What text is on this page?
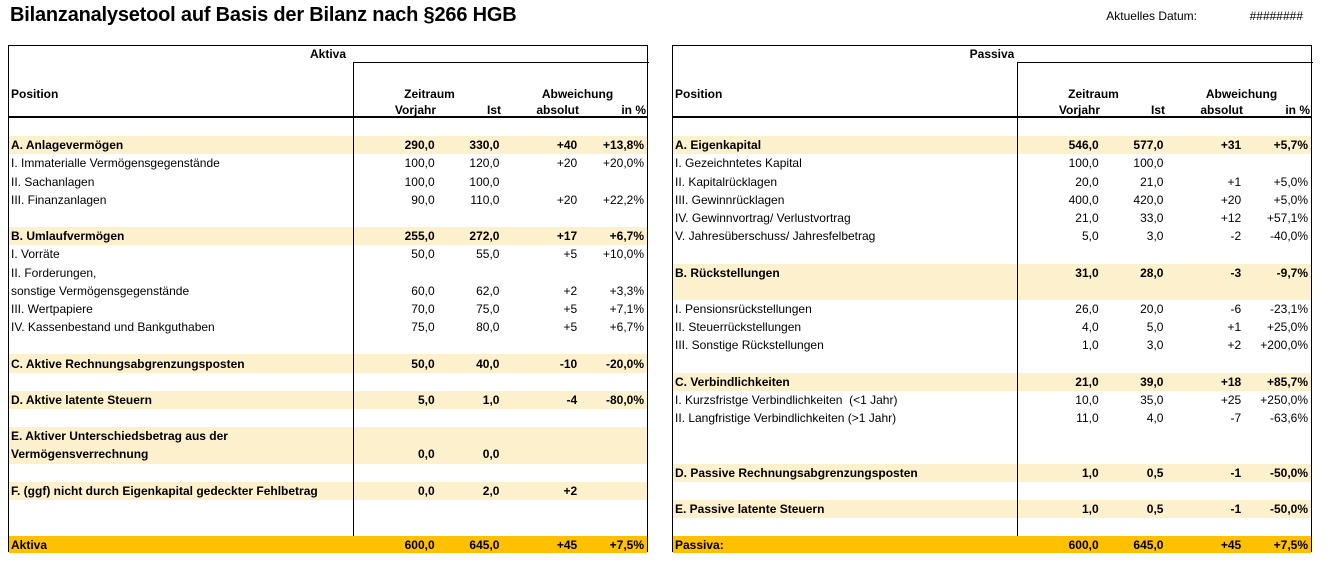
Bilanzanalysetool auf Basis der Bilanz nach §266 HGB	Aktuelles Datum:	########
Aktiva
Position	Zeitraum	Abweichung
Vorjahr	Ist	absolut	in %
A. Anlagevermögen	290,0	330,0	+40	+13,8%
I. Immaterialle Vermögensgegenstände	100,0	120,0	+20	+20,0%
II. Sachanlagen	100,0	100,0
III. Finanzanlagen	90,0	110,0	+20	+22,2%
B. Umlaufvermögen	255,0	272,0	+17	+6,7%
I. Vorräte	50,0	55,0	+5	+10,0%
II. Forderungen,
sonstige Vermögensgegenstände	60,0	62,0	+2	+3,3%
III. Wertpapiere	70,0	75,0	+5	+7,1%
IV. Kassenbestand und Bankguthaben	75,0	80,0	+5	+6,7%
C. Aktive Rechnungsabgrenzungsposten	50,0	40,0	-10	-20,0%
D. Aktive latente Steuern	5,0	1,0	-4	-80,0%
E. Aktiver Unterschiedsbetrag aus der
Vermögensverrechnung	0,0	0,0
F. (ggf) nicht durch Eigenkapital gedeckter Fehlbetrag	0,0	2,0	+2
Aktiva	600,0	645,0	+45	+7,5%
Passiva
Position	Zeitraum	Abweichung
Vorjahr	Ist	absolut	in %
A. Eigenkapital	546,0	577,0	+31	+5,7%
I. Gezeichntetes Kapital	100,0	100,0
II. Kapitalrücklagen	20,0	21,0	+1	+5,0%
III. Gewinnrücklagen	400,0	420,0	+20	+5,0%
IV. Gewinnvortrag/ Verlustvortrag	21,0	33,0	+12	+57,1%
V. Jahresüberschuss/ Jahresfelbetrag	5,0	3,0	-2	-40,0%
B. Rückstellungen	31,0	28,0	-3	-9,7%
I. Pensionsrückstellungen	26,0	20,0	-6	-23,1%
II. Steuerrückstellungen	4,0	5,0	+1	+25,0%
III. Sonstige Rückstellungen	1,0	3,0	+2	+200,0%
C. Verbindlichkeiten	21,0	39,0	+18	+85,7%
I. Kurzsfristge Verbindlichkeiten  (<1 Jahr)	10,0	35,0	+25	+250,0%
II. Langfristige Verbindlichkeiten (>1 Jahr)	11,0	4,0	-7	-63,6%
D. Passive Rechnungsabgrenzungsposten	1,0	0,5	-1	-50,0%
E. Passive latente Steuern	1,0	0,5	-1	-50,0%
Passiva:	600,0	645,0	+45	+7,5%
